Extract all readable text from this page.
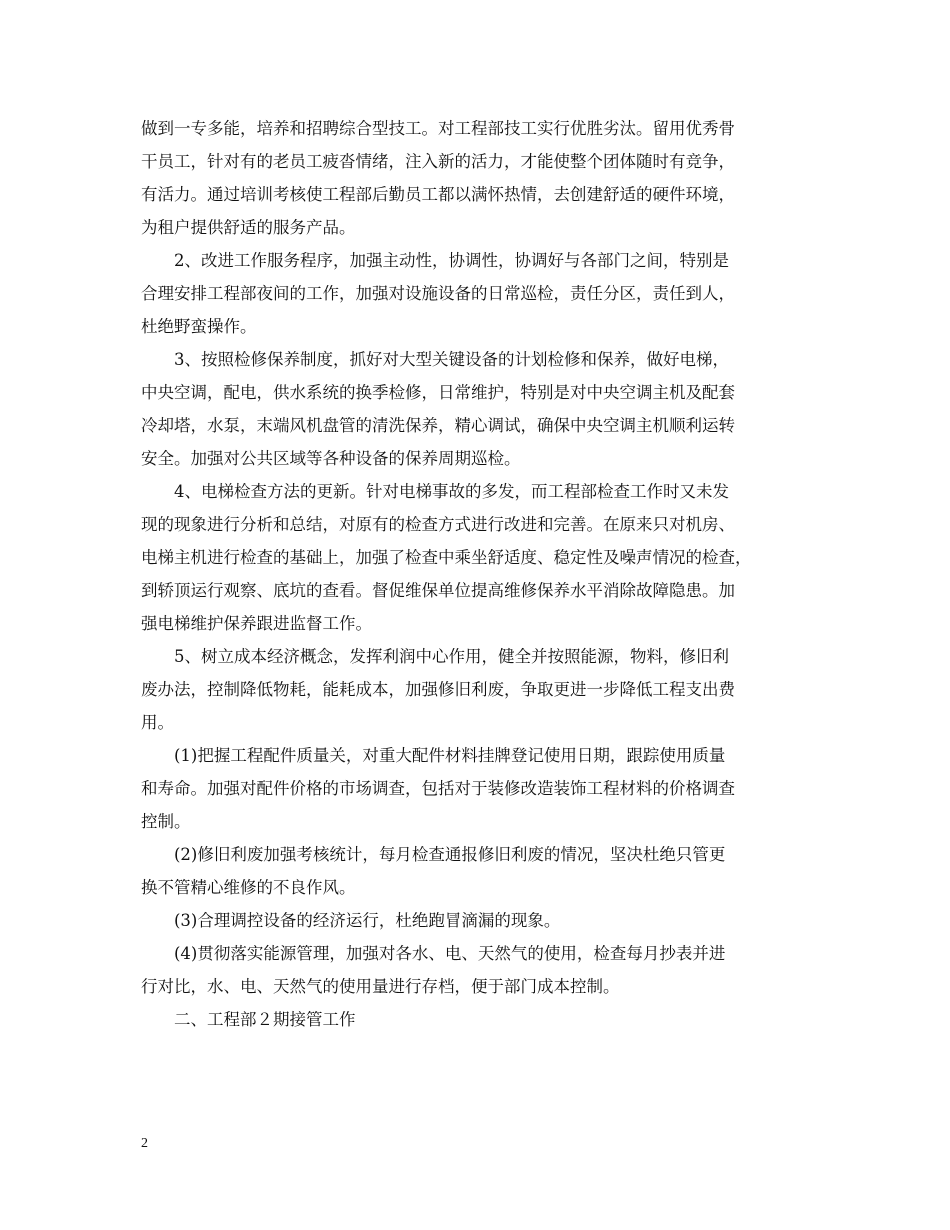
做到一专多能，培养和招聘综合型技工。对工程部技工实行优胜劣汰。留用优秀骨
干员工，针对有的老员工疲沓情绪，注入新的活力，才能使整个团体随时有竞争，
有活力。通过培训考核使工程部后勤员工都以满怀热情，去创建舒适的硬件环境，
为租户提供舒适的服务产品。
2、改进工作服务程序，加强主动性，协调性，协调好与各部门之间，特别是
合理安排工程部夜间的工作，加强对设施设备的日常巡检，责任分区，责任到人，
杜绝野蛮操作。
3、按照检修保养制度，抓好对大型关键设备的计划检修和保养，做好电梯，
中央空调，配电，供水系统的换季检修，日常维护，特别是对中央空调主机及配套
冷却塔，水泵，末端风机盘管的清洗保养，精心调试，确保中央空调主机顺利运转
安全。加强对公共区域等各种设备的保养周期巡检。
4、电梯检查方法的更新。针对电梯事故的多发，而工程部检查工作时又未发
现的现象进行分析和总结，对原有的检查方式进行改进和完善。在原来只对机房、
电梯主机进行检查的基础上，加强了检查中乘坐舒适度、稳定性及噪声情况的检查，
到轿顶运行观察、底坑的查看。督促维保单位提高维修保养水平消除故障隐患。加
强电梯维护保养跟进监督工作。
5、树立成本经济概念，发挥利润中心作用，健全并按照能源，物料，修旧利
废办法，控制降低物耗，能耗成本，加强修旧利废，争取更进一步降低工程支出费
用。
(1)把握工程配件质量关，对重大配件材料挂牌登记使用日期，跟踪使用质量
和寿命。加强对配件价格的市场调查，包括对于装修改造装饰工程材料的价格调查
控制。
(2)修旧利废加强考核统计，每月检查通报修旧利废的情况，坚决杜绝只管更
换不管精心维修的不良作风。
(3)合理调控设备的经济运行，杜绝跑冒滴漏的现象。
(4)贯彻落实能源管理，加强对各水、电、天然气的使用，检查每月抄表并进
行对比，水、电、天然气的使用量进行存档，便于部门成本控制。
二、工程部２期接管工作
2
